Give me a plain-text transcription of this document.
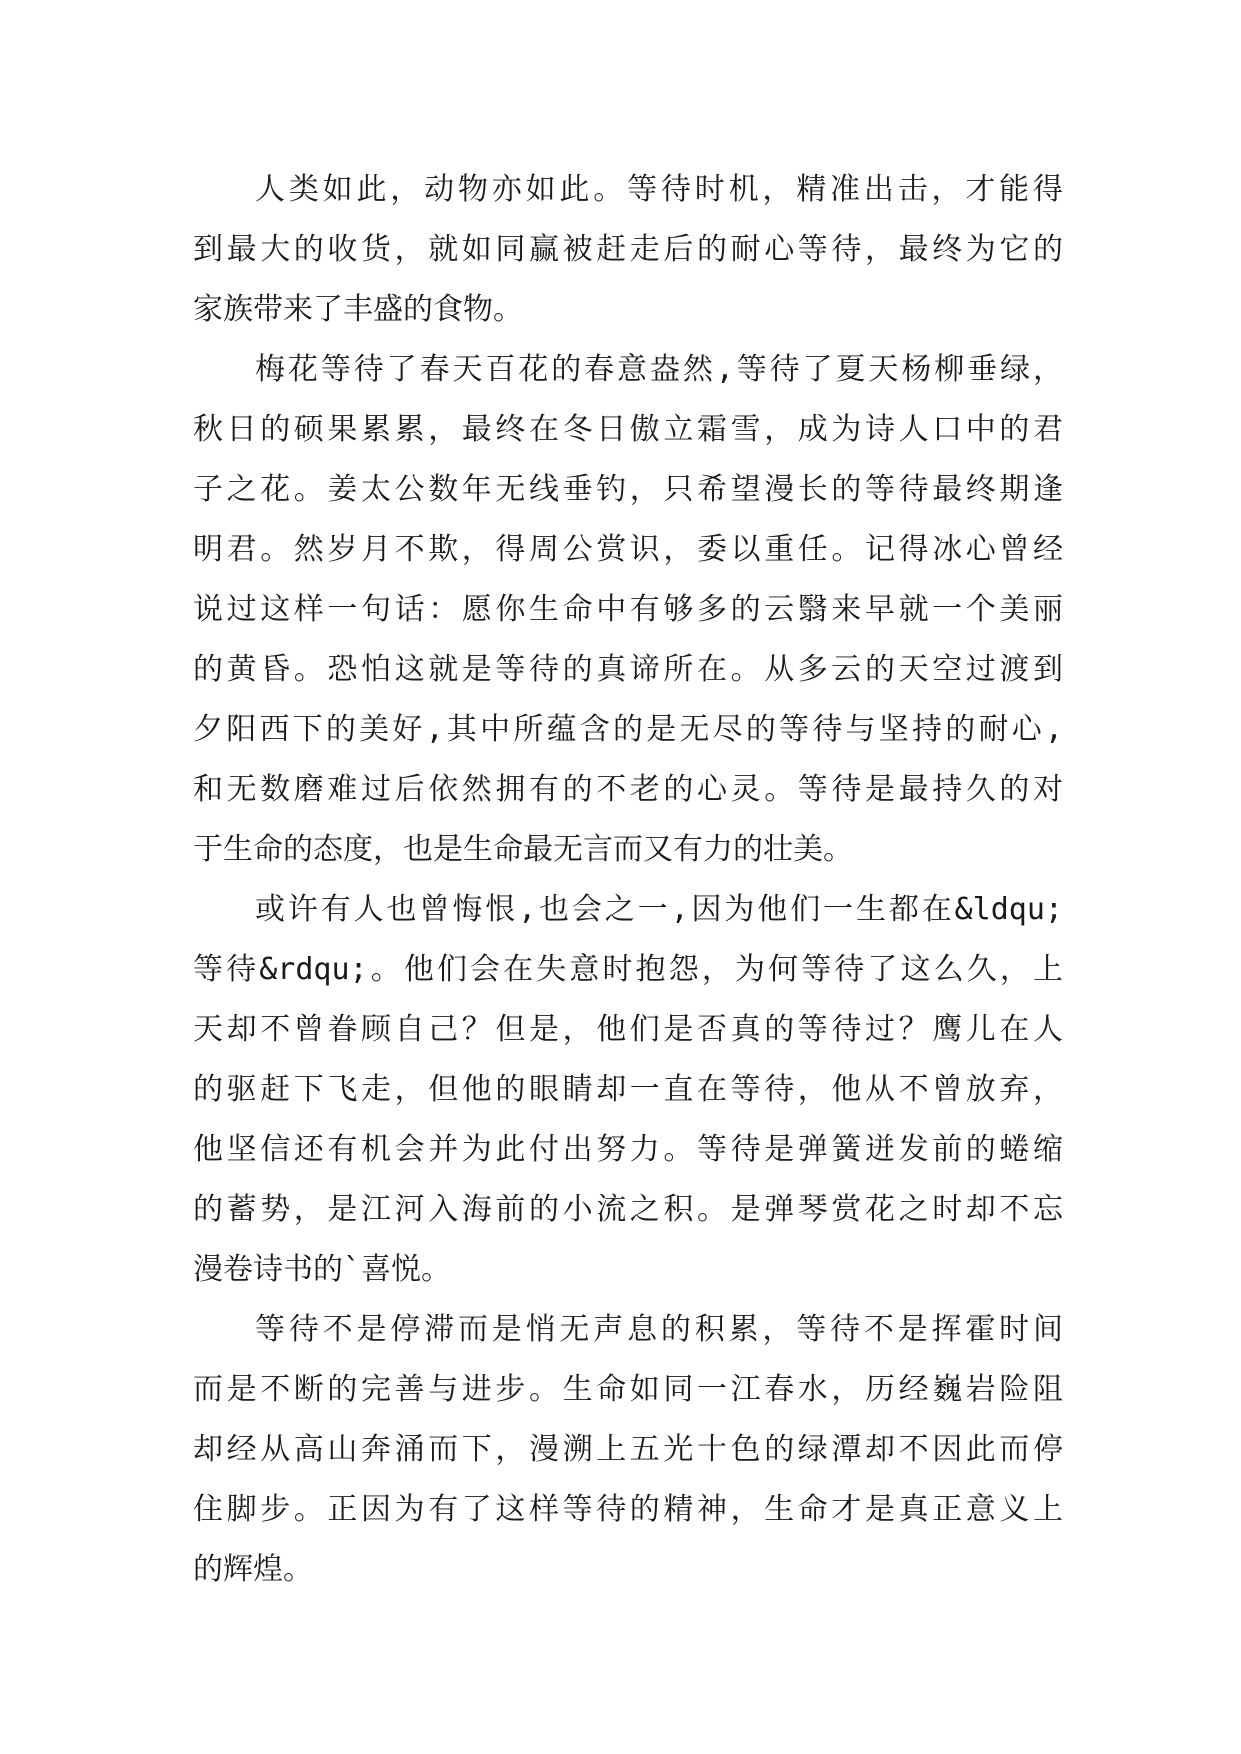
人类如此，动物亦如此。等待时机，精准出击，才能得
到最大的收货，就如同赢被赶走后的耐心等待，最终为它的
家族带来了丰盛的食物。
梅花等待了春天百花的春意盎然,等待了夏天杨柳垂绿，
秋日的硕果累累，最终在冬日傲立霜雪，成为诗人口中的君
子之花。姜太公数年无线垂钓，只希望漫长的等待最终期逢
明君。然岁月不欺，得周公赏识，委以重任。记得冰心曾经
说过这样一句话：愿你生命中有够多的云翳来早就一个美丽
的黄昏。恐怕这就是等待的真谛所在。从多云的天空过渡到
夕阳西下的美好,其中所蕴含的是无尽的等待与坚持的耐心,
和无数磨难过后依然拥有的不老的心灵。等待是最持久的对
于生命的态度，也是生命最无言而又有力的壮美。
或许有人也曾悔恨,也会之一,因为他们一生都在&ldqu;
等待&rdqu;。他们会在失意时抱怨，为何等待了这么久，上
天却不曾眷顾自己？但是，他们是否真的等待过？鹰儿在人
的驱赶下飞走，但他的眼睛却一直在等待，他从不曾放弃，
他坚信还有机会并为此付出努力。等待是弹簧迸发前的蜷缩
的蓄势，是江河入海前的小流之积。是弹琴赏花之时却不忘
漫卷诗书的`喜悦。
等待不是停滞而是悄无声息的积累，等待不是挥霍时间
而是不断的完善与进步。生命如同一江春水，历经巍岩险阻
却经从高山奔涌而下，漫溯上五光十色的绿潭却不因此而停
住脚步。正因为有了这样等待的精神，生命才是真正意义上
的辉煌。
